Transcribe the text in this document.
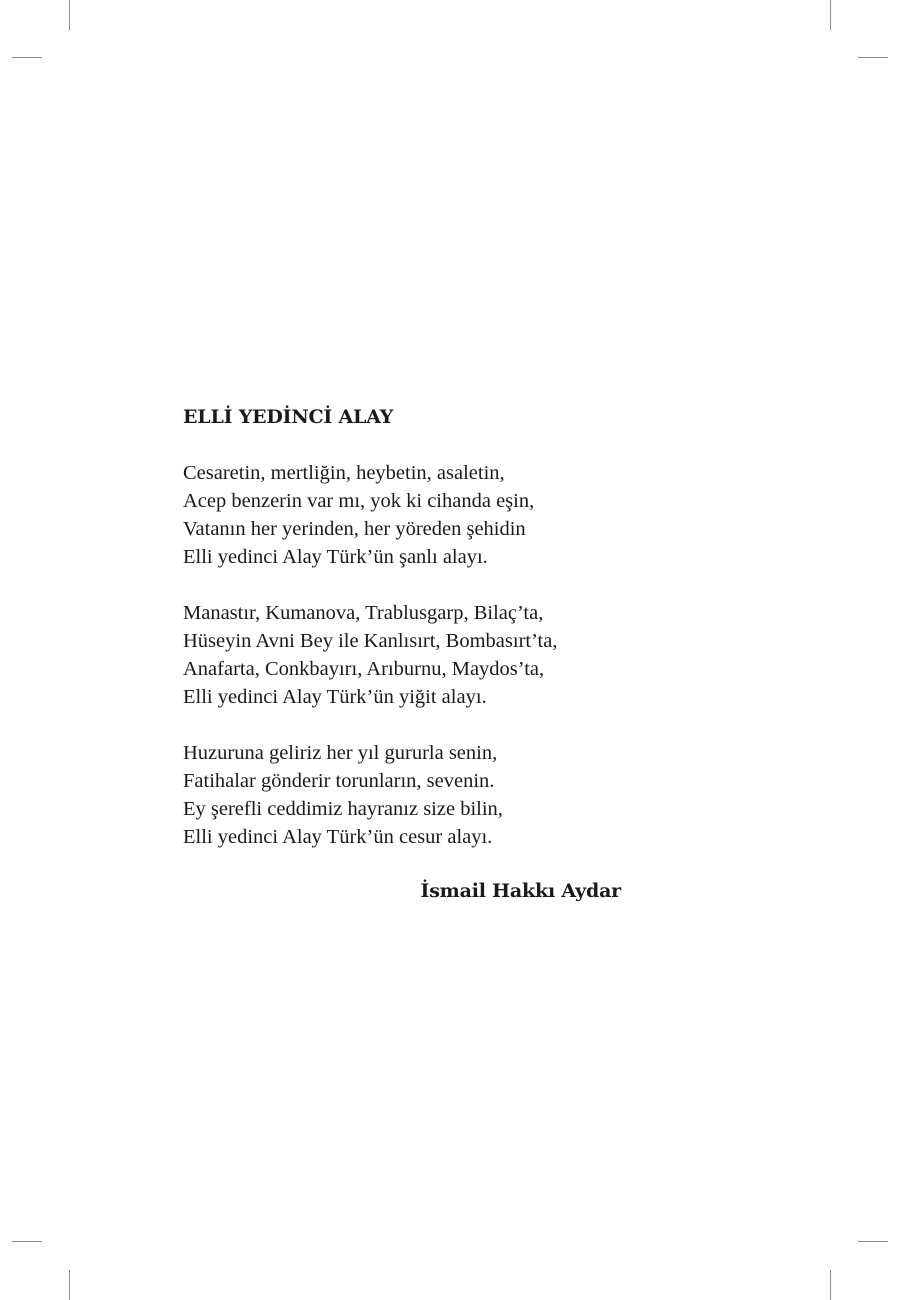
ELLİ YEDİNCİ ALAY
Cesaretin, mertliğin, heybetin, asaletin,
Acep benzerin var mı, yok ki cihanda eşin,
Vatanın her yerinden, her yöreden şehidin
Elli yedinci Alay Türk’ün şanlı alayı.
Manastır, Kumanova, Trablusgarp, Bilaç’ta,
Hüseyin Avni Bey ile Kanlısırt, Bombasırt’ta,
Anafarta, Conkbayırı, Arıburnu, Maydos’ta,
Elli yedinci Alay Türk’ün yiğit alayı.
Huzuruna geliriz her yıl gururla senin,
Fatihalar gönderir torunların, sevenin.
Ey şerefli ceddimiz hayranız size bilin,
Elli yedinci Alay Türk’ün cesur alayı.
İsmail Hakkı Aydar
